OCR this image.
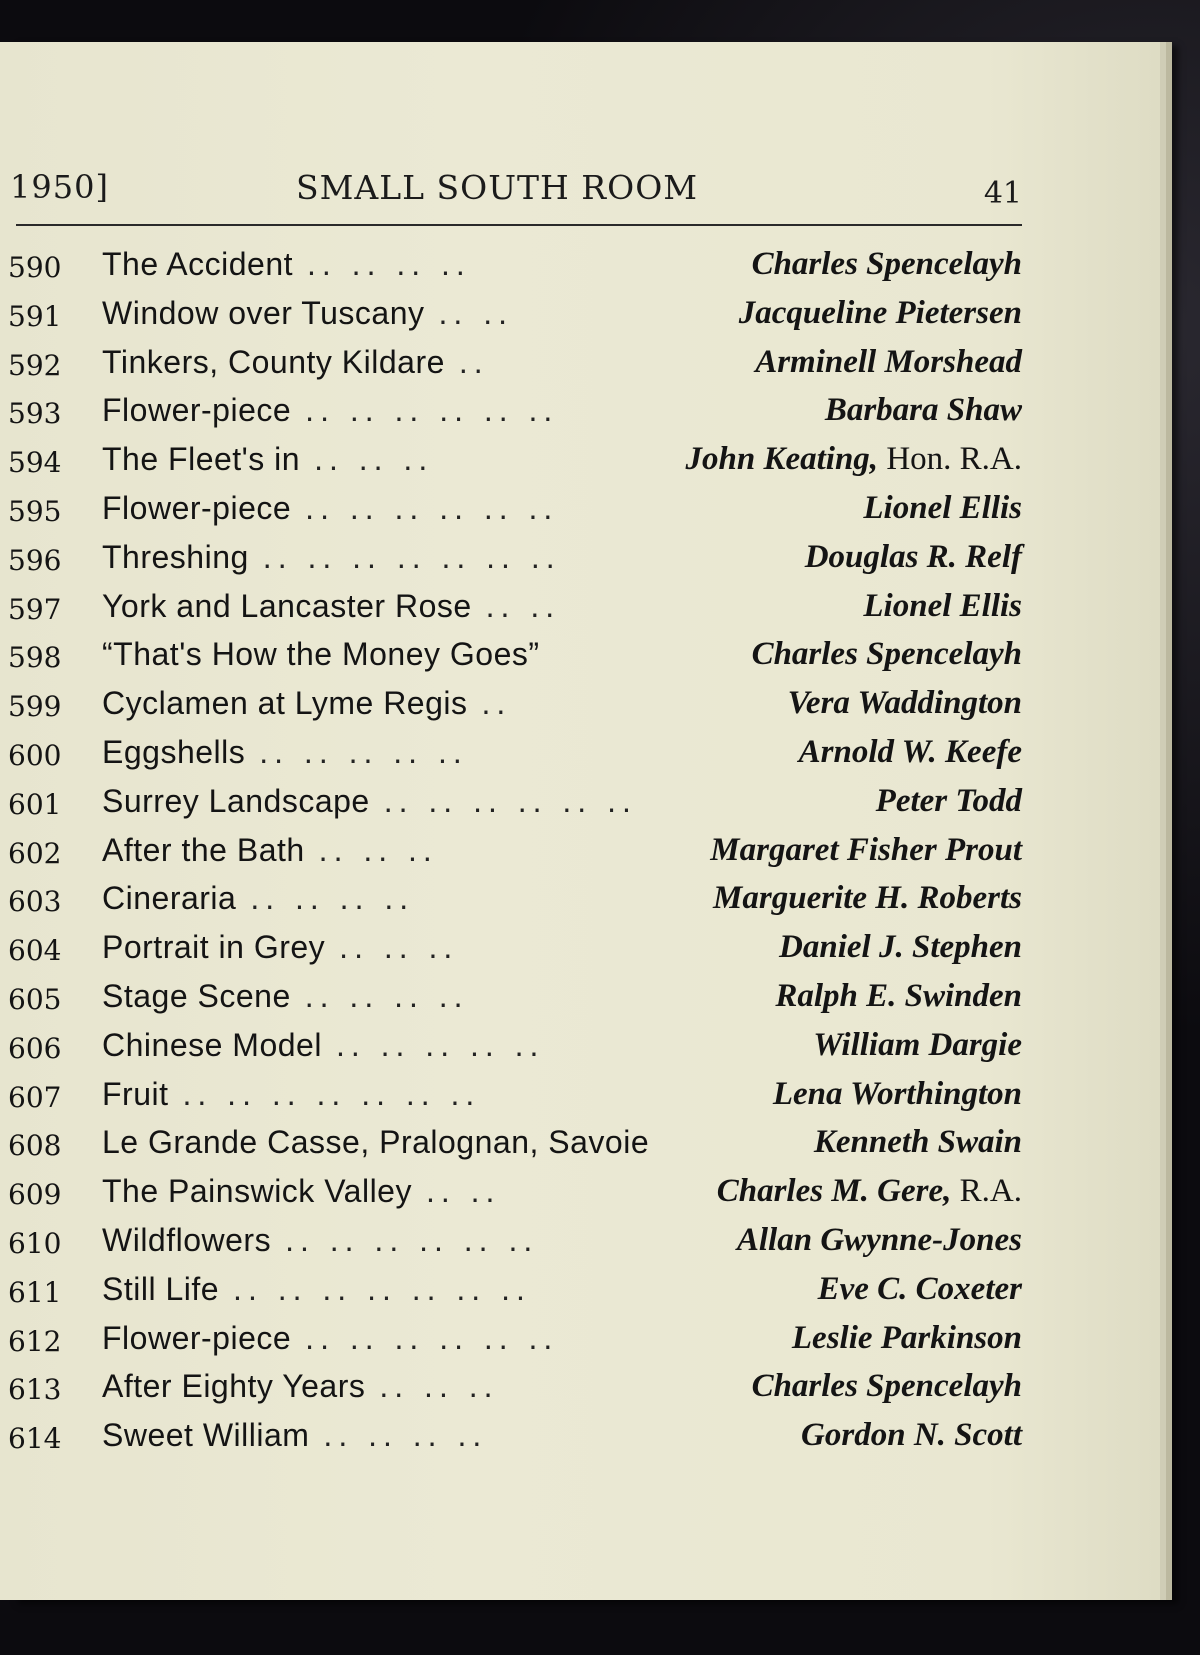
1950]	SMALL SOUTH ROOM	41
590 The Accident .. .. .. ..	Charles Spencelayh
591 Window over Tuscany .. ..	Jacqueline Pietersen
592 Tinkers, County Kildare ..	Arminell Morshead
593 Flower-piece .. .. .. .. .. ..	Barbara Shaw
594 The Fleet's in .. .. ..	John Keating, Hon. R.A.
595 Flower-piece .. .. .. .. .. ..	Lionel Ellis
596 Threshing .. .. .. .. .. .. ..	Douglas R. Relf
597 York and Lancaster Rose .. ..	Lionel Ellis
598 “That's How the Money Goes”	Charles Spencelayh
599 Cyclamen at Lyme Regis ..	Vera Waddington
600 Eggshells .. .. .. .. ..	Arnold W. Keefe
601 Surrey Landscape .. .. .. .. .. ..	Peter Todd
602 After the Bath .. .. ..	Margaret Fisher Prout
603 Cineraria .. .. .. ..	Marguerite H. Roberts
604 Portrait in Grey .. .. ..	Daniel J. Stephen
605 Stage Scene .. .. .. ..	Ralph E. Swinden
606 Chinese Model .. .. .. .. ..	William Dargie
607 Fruit .. .. .. .. .. .. ..	Lena Worthington
608 Le Grande Casse, Pralognan, Savoie	Kenneth Swain
609 The Painswick Valley .. ..	Charles M. Gere, R.A.
610 Wildflowers .. .. .. .. .. ..	Allan Gwynne-Jones
611 Still Life .. .. .. .. .. .. ..	Eve C. Coxeter
612 Flower-piece .. .. .. .. .. ..	Leslie Parkinson
613 After Eighty Years .. .. ..	Charles Spencelayh
614 Sweet William .. .. .. ..	Gordon N. Scott
